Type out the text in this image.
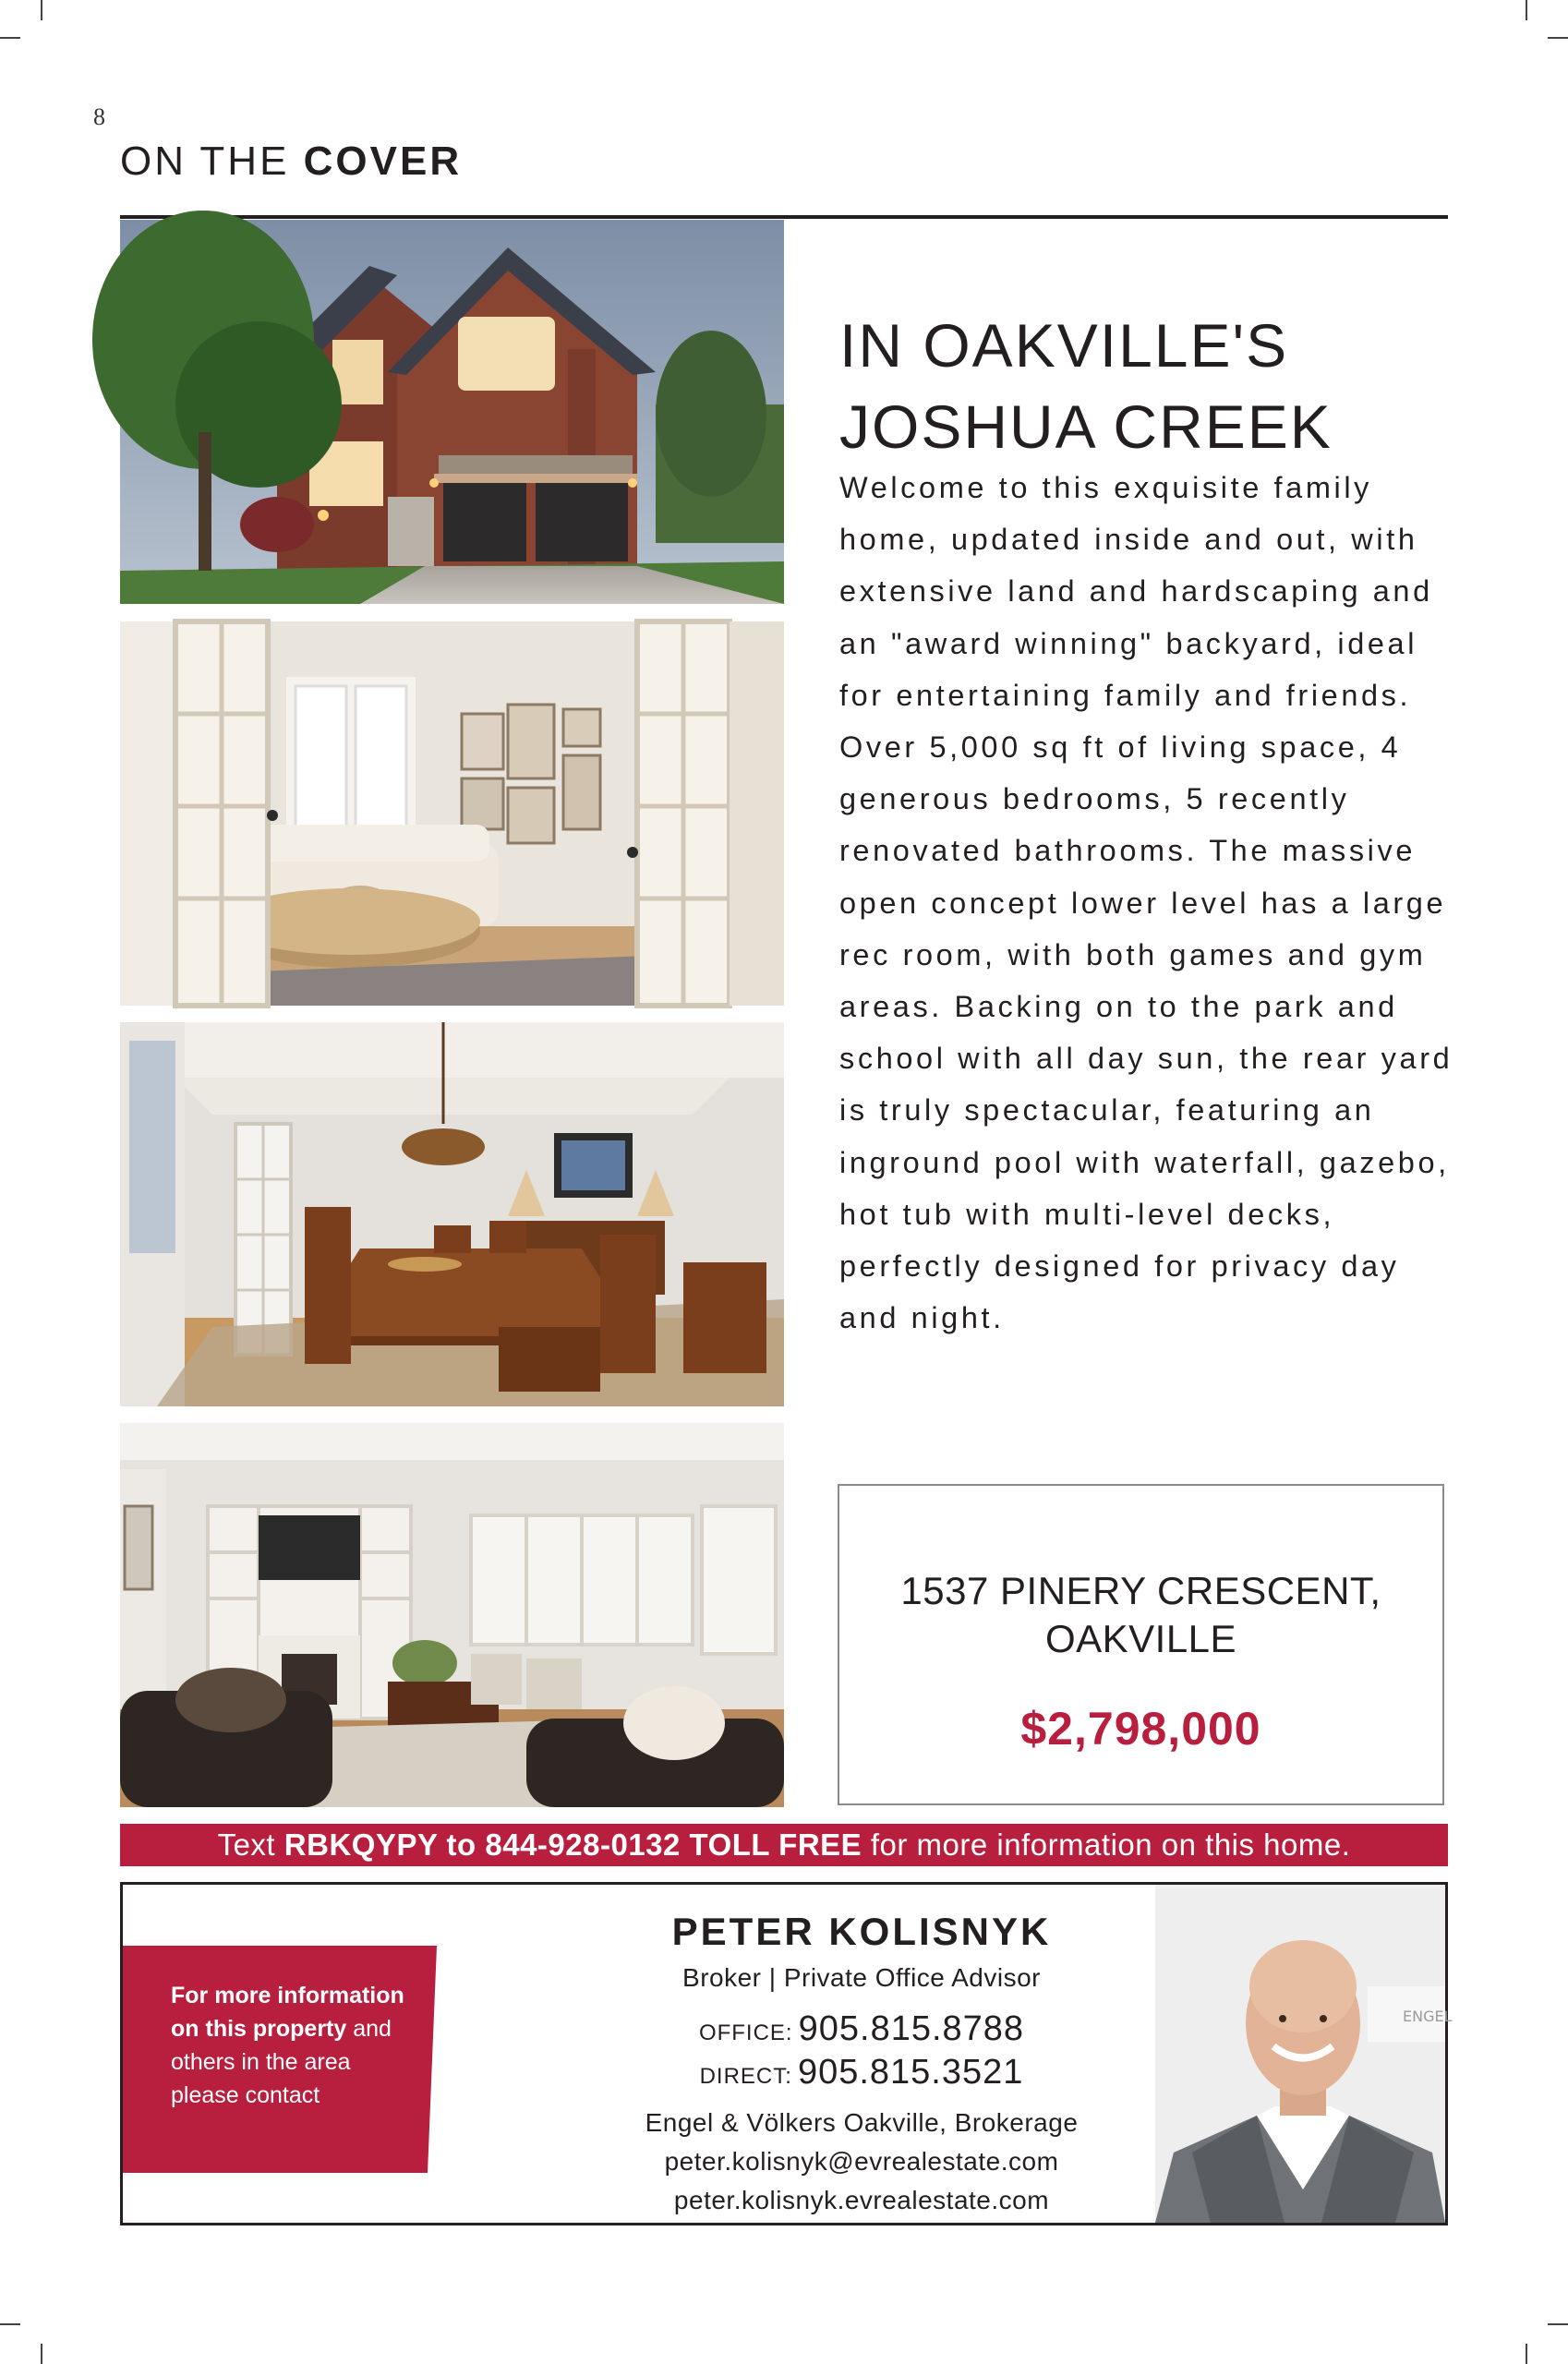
8
ON THE COVER
IN OAKVILLE'S
JOSHUA CREEK

Welcome to this exquisite family home, updated inside and out, with extensive land and hardscaping and an "award winning" backyard, ideal for entertaining family and friends. Over 5,000 sq ft of living space, 4 generous bedrooms, 5 recently renovated bathrooms. The massive open concept lower level has a large rec room, with both games and gym areas. Backing on to the park and school with all day sun, the rear yard is truly spectacular, featuring an inground pool with waterfall, gazebo, hot tub with multi-level decks, perfectly designed for privacy day and night.

1537 PINERY CRESCENT,
OAKVILLE
$2,798,000
Text RBKQYPY to 844-928-0132 TOLL FREE for more information on this home.
For more information on this property and others in the area please contact
PETER KOLISNYK
Broker | Private Office Advisor
OFFICE: 905.815.8788
DIRECT: 905.815.3521
Engel & Völkers Oakville, Brokerage
peter.kolisnyk@evrealestate.com
peter.kolisnyk.evrealestate.com
ENGEL
